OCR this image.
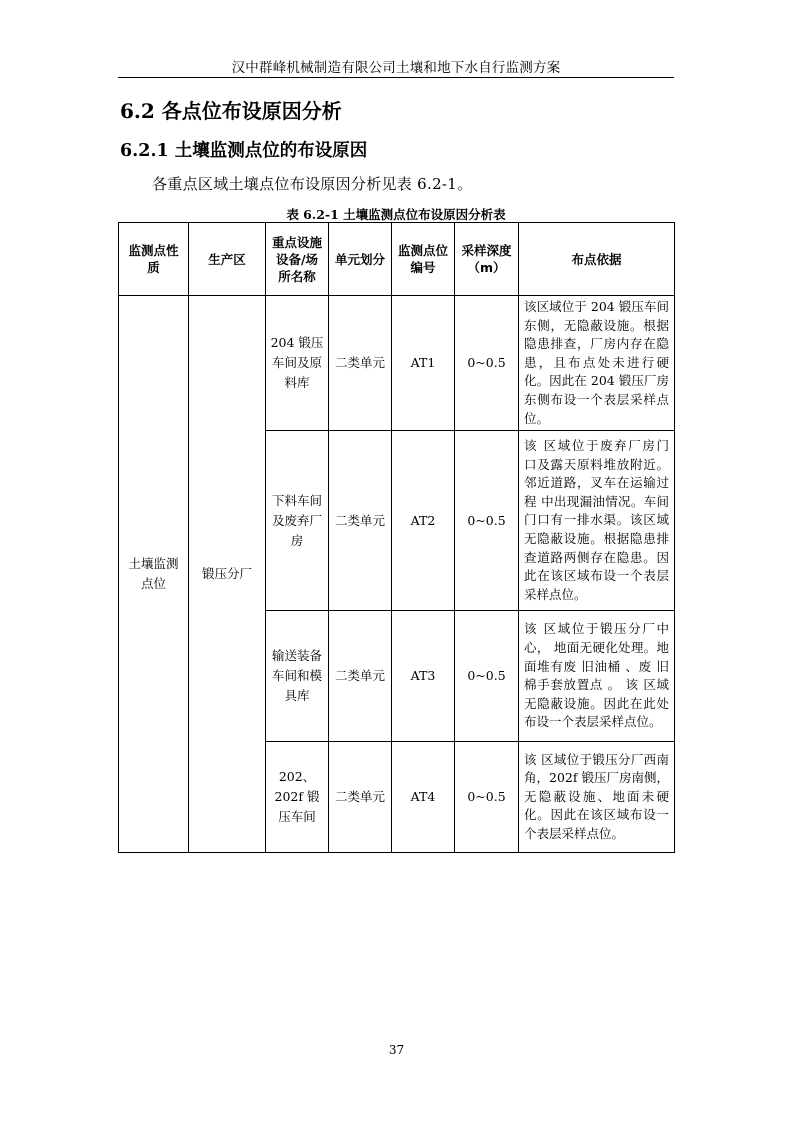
汉中群峰机械制造有限公司土壤和地下水自行监测方案
6.2 各点位布设原因分析
6.2.1 土壤监测点位的布设原因
各重点区域土壤点位布设原因分析见表 6.2-1。
表 6.2-1 土壤监测点位布设原因分析表
监测点性质	生产区	重点设施设备/场所名称	单元划分	监测点位编号	采样深度（m）	布点依据
土壤监测点位	锻压分厂	204 锻压车间及原料库	二类单元	AT1	0~0.5	该区域位于 204 锻压车间东侧，无隐蔽设施。根据隐患排查，厂房内存在隐患，且布点处未进行硬化。因此在 204 锻压厂房 东侧布设一个表层采样点位。
		下料车间及废弃厂房	二类单元	AT2	0~0.5	该 区域位于废弃厂房门 口及露天原料堆放附近。邻近道路，叉车在运输过程 中出现漏油情况。车间门口有一排水渠。该区域无隐蔽设施。根据隐患排查道路两侧存在隐患。因此在该区域布设一个表层采样点位。
		输送装备车间和模具库	二类单元	AT3	0~0.5	该 区域位于锻压分厂中心， 地面无硬化处理。地面堆有废 旧油桶 、废 旧棉手套放置点 。 该 区域无隐蔽设施。因此在此处布设一个表层采样点位。
		202、202f 锻压车间	二类单元	AT4	0~0.5	该 区域位于锻压分厂西南角，202f 锻压厂房南侧，无隐蔽设施、地面未硬化。因此在该区域布设一个表层采样点位。
37
